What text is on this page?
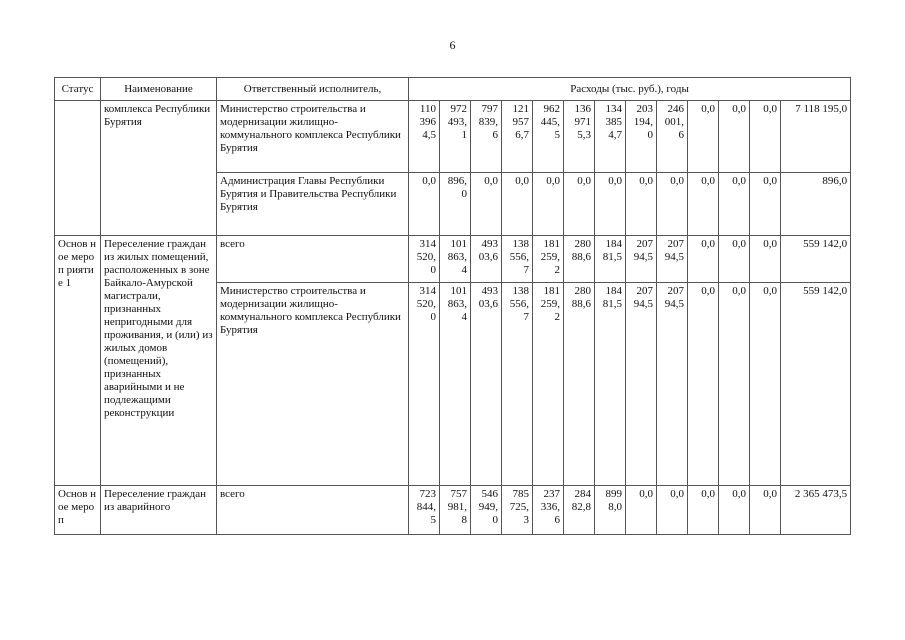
6
Статус	Наименование	Ответственный исполнитель,	Расходы (тыс. руб.), годы												
	комплекса Республики Бурятия	Министерство строительства и модернизации жилищно-коммунального комплекса Республики Бурятия	110 396 4,5	972 493, 1	797 839, 6	121 957 6,7	962 445, 5	136 971 5,3	134 385 4,7	203 194, 0	246 001, 6	0,0	0,0	0,0	7 118 195,0
		Администрация Главы Республики Бурятия и Правительства Республики Бурятия	0,0	896, 0	0,0	0,0	0,0	0,0	0,0	0,0	0,0	0,0	0,0	0,0	896,0
Основ ное мероп риятие 1	Переселение граждан из жилых помещений, расположенных в зоне Байкало-Амурской магистрали, признанных непригодными для проживания, и (или) из жилых домов (помещений), признанных аварийными и не подлежащими реконструкции	всего	314 520, 0	101 863, 4	493 03,6	138 556, 7	181 259, 2	280 88,6	184 81,5	207 94,5	207 94,5	0,0	0,0	0,0	559 142,0
		Министерство строительства и модернизации жилищно-коммунального комплекса Республики Бурятия	314 520, 0	101 863, 4	493 03,6	138 556, 7	181 259, 2	280 88,6	184 81,5	207 94,5	207 94,5	0,0	0,0	0,0	559 142,0
Основ ное мероп	Переселение граждан из аварийного	всего	723 844, 5	757 981, 8	546 949, 0	785 725, 3	237 336, 6	284 82,8	899 8,0	0,0	0,0	0,0	0,0	0,0	2 365 473,5
